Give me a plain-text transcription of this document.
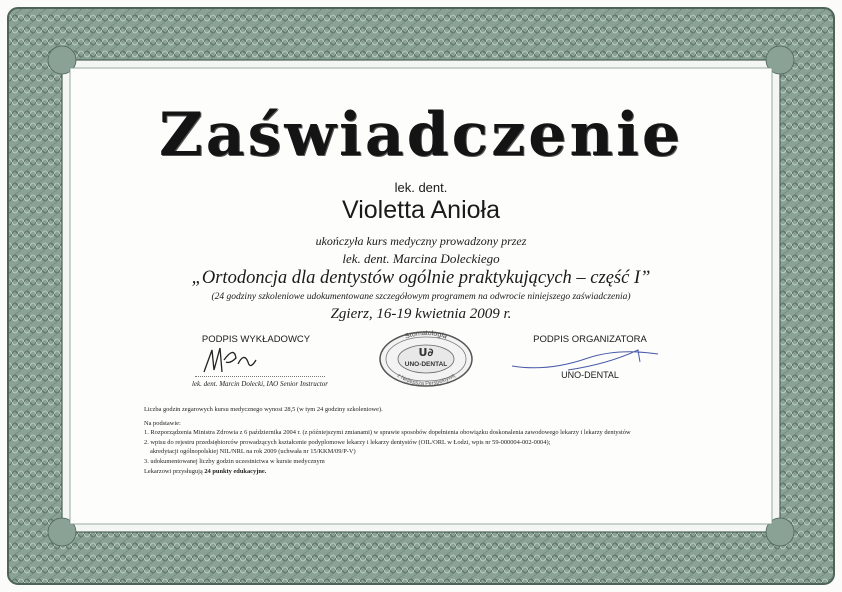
Zaświadczenie
lek. dent.
Violetta Anioła
ukończyła kurs medyczny prowadzony przez
lek. dent. Marcina Doleckiego
„Ortodoncja dla dentystów ogólnie praktykujących – część I”
(24 godziny szkoleniowe udokumentowane szczegółowym programem na odwrocie niniejszego zaświadczenia)
Zgierz, 16-19 kwietnia 2009 r.
PODPIS WYKŁADOWCY
lek. dent. Marcin Dolecki, IAO Senior Instructor
Stomatologia
U∂
UNO-DENTAL
z Nejlepszą Perspektywą
PODPIS ORGANIZATORA
UNO-DENTAL

Liczba godzin zegarowych kursu medycznego wynosi 28,5 (w tym 24 godziny szkoleniowe).

Na podstawie:

1. Rozporządzenia Ministra Zdrowia z 6 października 2004 r. (z późniejszymi zmianami) w sprawie sposobów dopełnienia obowiązku doskonalenia zawodowego lekarzy i lekarzy dentystów

2. wpisu do rejestru przedsiębiorców prowadzących kształcenie podyplomowe lekarzy i lekarzy dentystów (OIL/ORL w Łodzi, wpis nr 59-000004-002-0004);

akredytacji ogólnopolskiej NIL/NRL na rok 2009 (uchwała nr 15/KKM/09/P-V)

3. udokumentowanej liczby godzin uczestnictwa w kursie medycznym

Lekarzowi przysługują 24 punkty edukacyjne.
